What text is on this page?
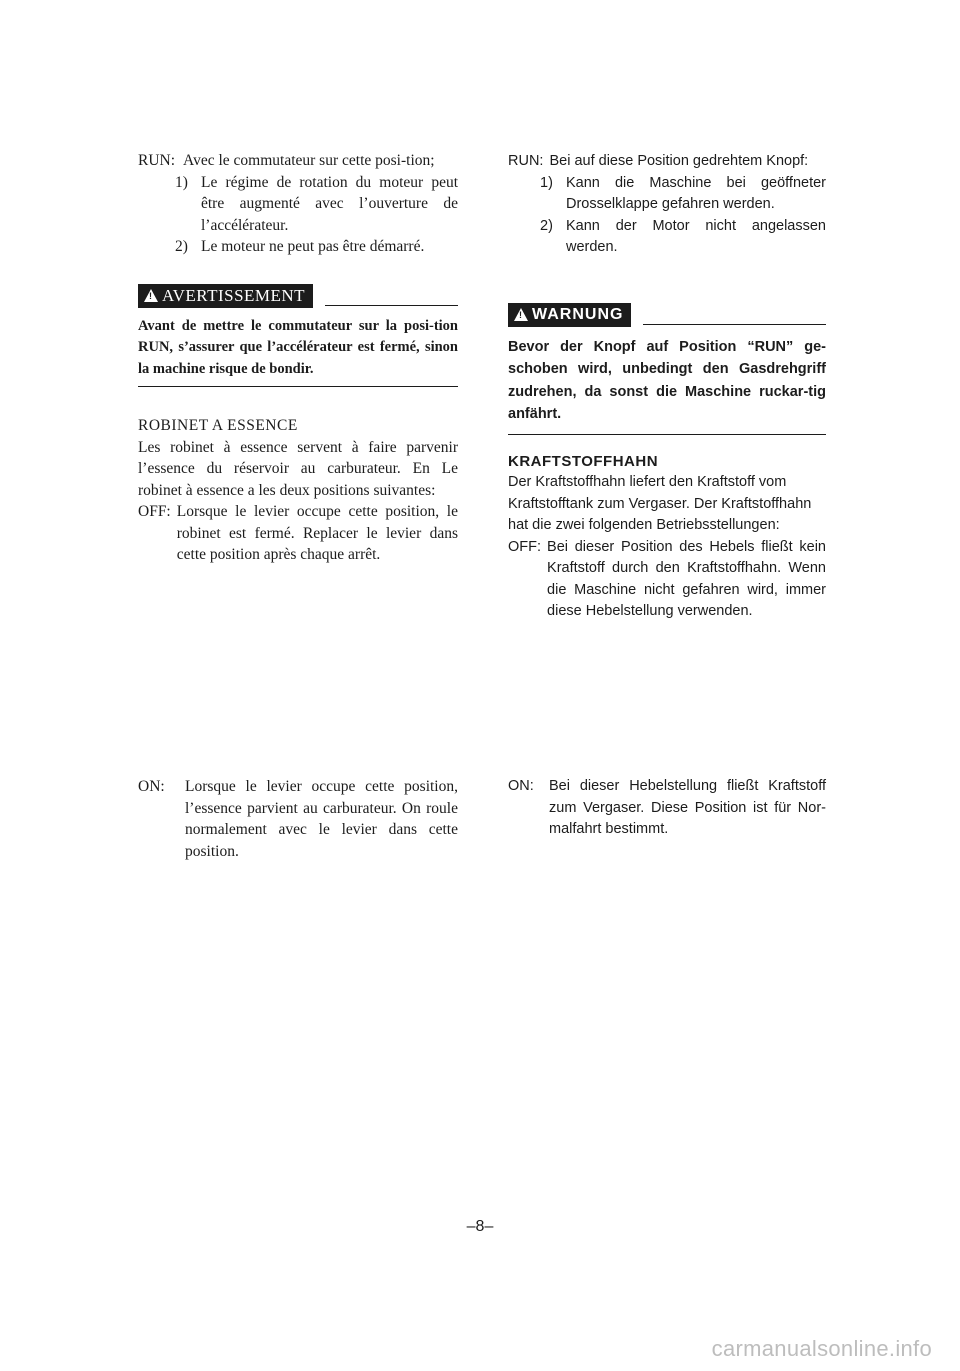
RUN: Avec le commutateur sur cette posi-tion;
1) Le régime de rotation du moteur peut être augmenté avec l’ouverture de l’accélérateur.
2) Le moteur ne peut pas être démarré.
!
AVERTISSEMENT
Avant de mettre le commutateur sur la posi-tion RUN, s’assurer que l’accélérateur est fermé, sinon la machine risque de bondir.
ROBINET A ESSENCE
Les robinet à essence servent à faire parvenir l’essence du réservoir au carburateur. En Le robinet à essence a les deux positions suivantes:
OFF: Lorsque le levier occupe cette position, le robinet est fermé. Replacer le levier dans cette position après chaque arrêt.
ON:	Lorsque le levier occupe cette position, l’essence parvient au carburateur. On roule normalement avec le levier dans cette position.
RUN: Bei auf diese Position gedrehtem Knopf:
1) Kann die Maschine bei geöffneter Drosselklappe gefahren werden.
2) Kann der Motor nicht angelassen werden.
!
WARNUNG
Bevor der Knopf auf Position “RUN” ge-schoben wird, unbedingt den Gasdrehgriff zudrehen, da sonst die Maschine ruckar-tig anfährt.
KRAFTSTOFFHAHN
Der Kraftstoffhahn liefert den Kraftstoff vom Kraftstofftank zum Vergaser. Der Kraftstoffhahn hat die zwei folgenden Betriebsstellungen:
OFF: Bei dieser Position des Hebels fließt kein Kraftstoff durch den Kraftstoffhahn. Wenn die Maschine nicht gefahren wird, immer diese Hebelstellung verwenden.
ON:	Bei dieser Hebelstellung fließt Kraftstoff zum Vergaser. Diese Position ist für Nor-malfahrt bestimmt.
–8–
carmanualsonline.info
